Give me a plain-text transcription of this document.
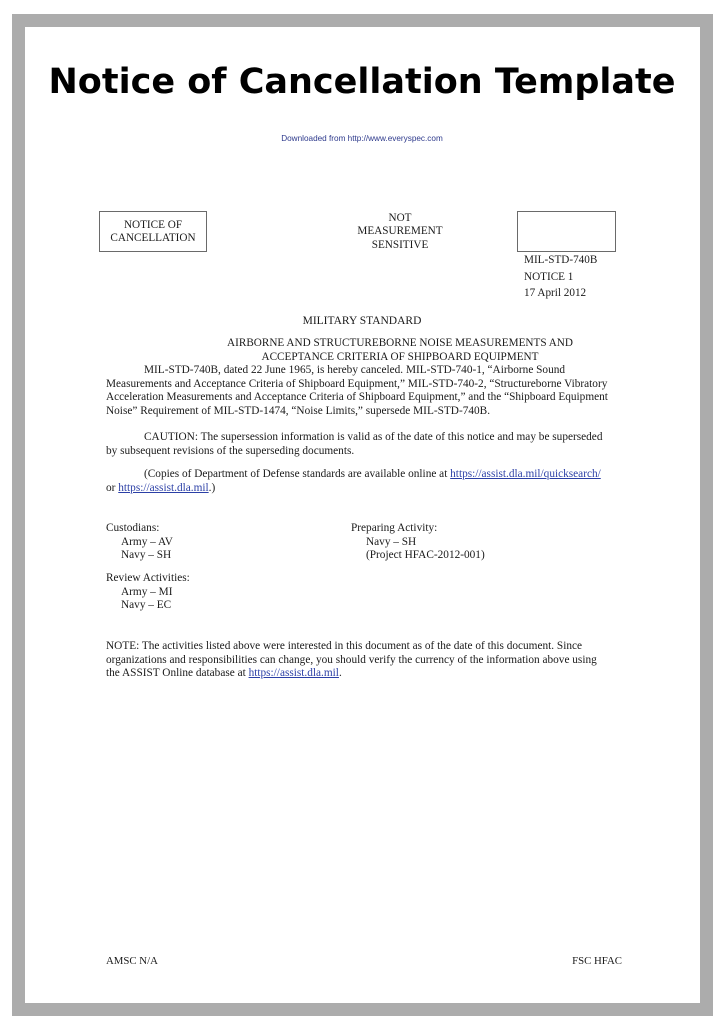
Notice of Cancellation Template
Downloaded from http://www.everyspec.com
NOTICE OF
CANCELLATION
NOT
MEASUREMENT
SENSITIVE
MIL-STD-740B
NOTICE 1
17 April 2012
MILITARY STANDARD
AIRBORNE AND STRUCTUREBORNE NOISE MEASUREMENTS AND
ACCEPTANCE CRITERIA OF SHIPBOARD EQUIPMENT

MIL-STD-740B, dated 22 June 1965, is hereby canceled. MIL-STD-740-1, “Airborne Sound Measurements and Acceptance Criteria of Shipboard Equipment,” MIL-STD-740-2, “Structureborne Vibratory Acceleration Measurements and Acceptance Criteria of Shipboard Equipment,” and the “Shipboard Equipment Noise” Requirement of MIL-STD-1474, “Noise Limits,” supersede MIL-STD-740B.

CAUTION: The supersession information is valid as of the date of this notice and may be superseded by subsequent revisions of the superseding documents.

(Copies of Department of Defense standards are available online at https://assist.dla.mil/quicksearch/ or https://assist.dla.mil.)

Custodians:
Army – AV
Navy – SH
Preparing Activity:
Navy – SH
(Project HFAC-2012-001)
Review Activities:
Army – MI
Navy – EC

NOTE: The activities listed above were interested in this document as of the date of this document. Since organizations and responsibilities can change, you should verify the currency of the information above using the ASSIST Online database at https://assist.dla.mil.

AMSC N/A	FSC HFAC
